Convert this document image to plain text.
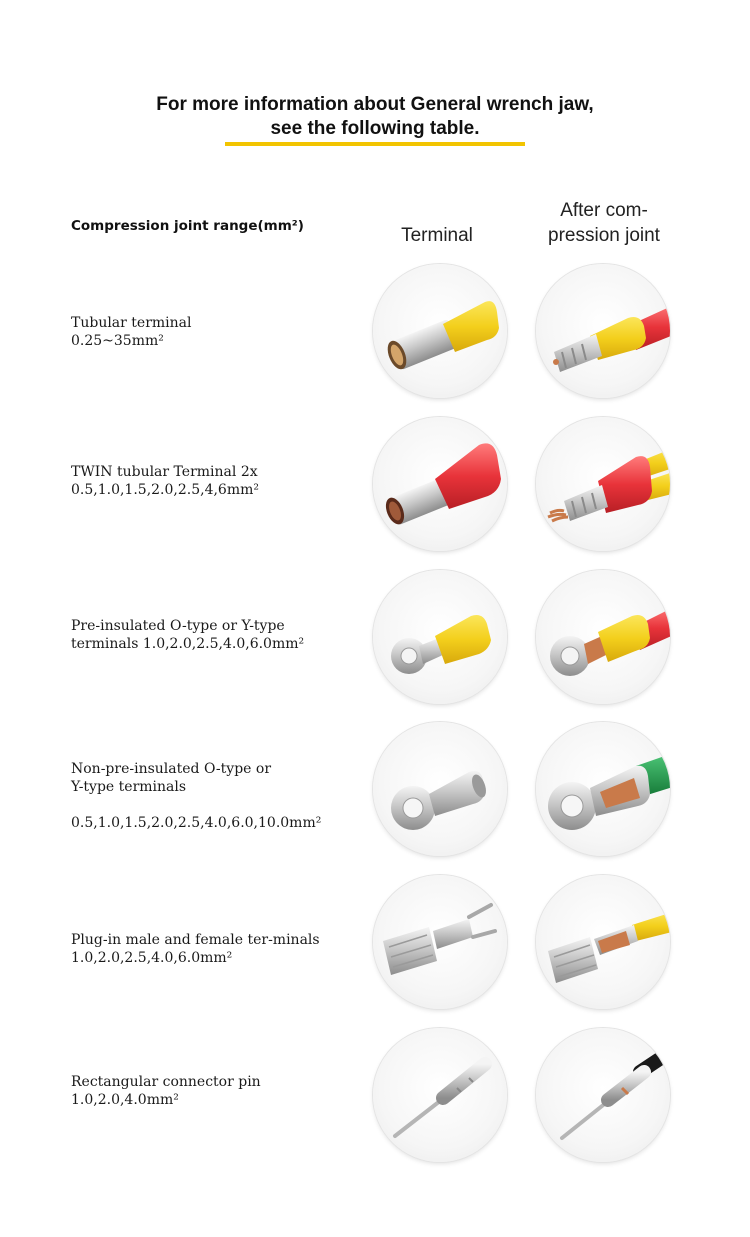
For more information about General wrench jaw,
see the following table.
Compression joint range(mm²)	Terminal
After com-
pression joint
Tubular terminal
0.25~35mm²
TWIN tubular Terminal 2x
0.5,1.0,1.5,2.0,2.5,4,6mm²
Pre-insulated O-type or Y-type
terminals 1.0,2.0,2.5,4.0,6.0mm²
Non-pre-insulated O-type or
Y-type terminals
0.5,1.0,1.5,2.0,2.5,4.0,6.0,10.0mm²
Plug-in male and female ter-minals
1.0,2.0,2.5,4.0,6.0mm²
Rectangular connector pin
1.0,2.0,4.0mm²
